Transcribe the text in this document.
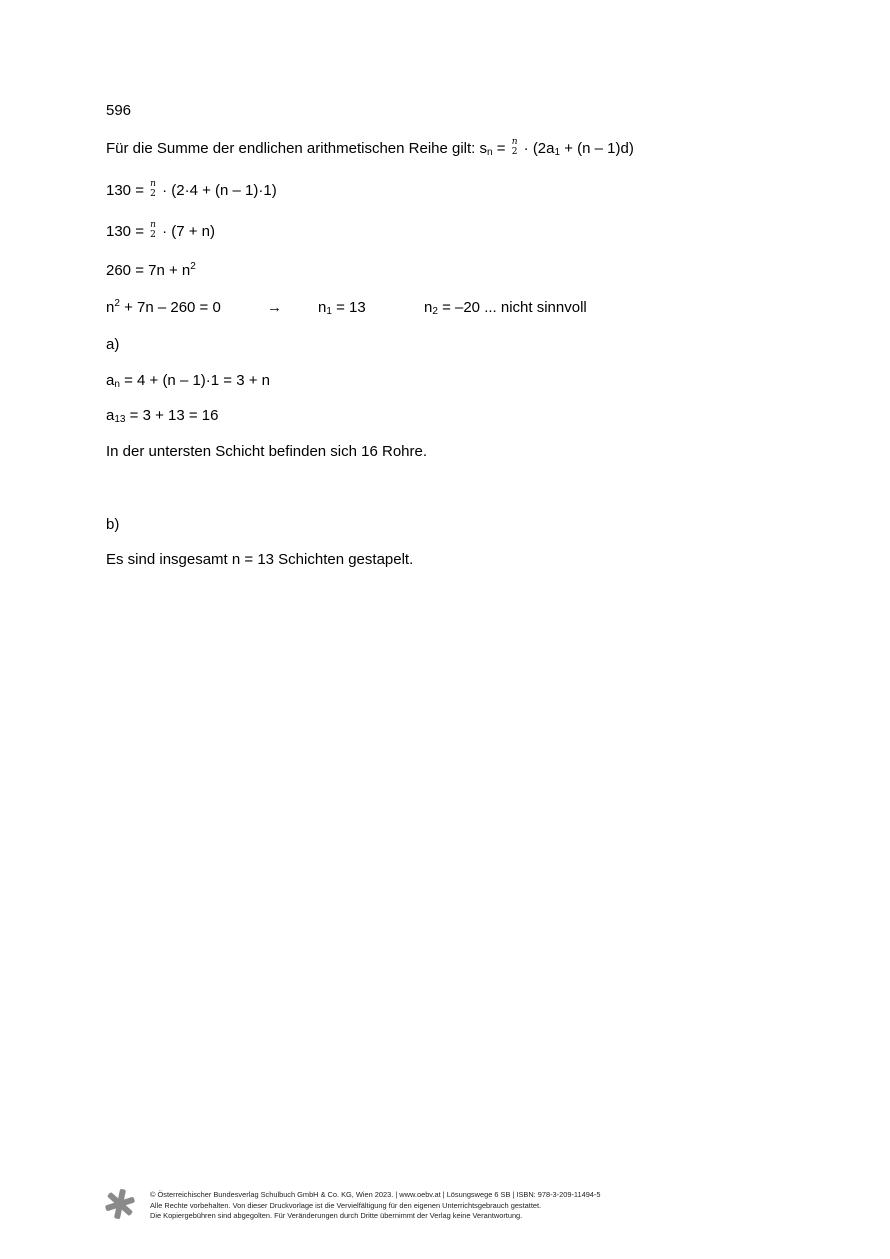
596
Für die Summe der endlichen arithmetischen Reihe gilt: $s_n = n$
$2 \cdot (2a_1 + (n - 1)d)$
130 = n
2 · (2·4 + (n – 1)·1)
130 = n
2 · (7 + n)
$260 = 7n + n^2$
$n^2 + 7n - 260 = 0$	→ $n_1 = 13$	$n_2 = -20$ ... nicht sinnvoll
a)
$a_n = 4 + (n - 1)\cdot 1 = 3 + n$
$a_{13} = 3 + 13 = 16$
In der untersten Schicht befinden sich 16 Rohre.
b)
Es sind insgesamt n = 13 Schichten gestapelt.
© Österreichischer Bundesverlag Schulbuch GmbH & Co. KG, Wien 2023. | www.oebv.at | Lösungswege 6 SB | ISBN: 978-3-209-11494-5
Alle Rechte vorbehalten. Von dieser Druckvorlage ist die Vervielfältigung für den eigenen Unterrichtsgebrauch gestattet.
Die Kopiergebühren sind abgegolten. Für Veränderungen durch Dritte übernimmt der Verlag keine Verantwortung.
